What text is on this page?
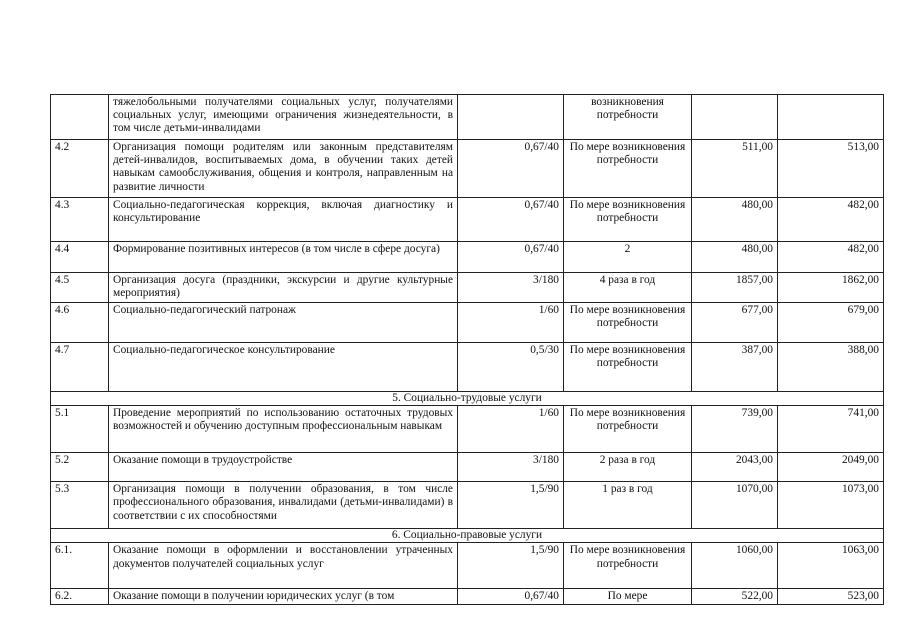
	тяжелобольными получателями социальных услуг, получателями социальных услуг, имеющими ограничения жизнедеятельности, в том числе детьми-инвалидами		возникновения потребности		
4.2	Организация помощи родителям или законным представителям детей-инвалидов, воспитываемых дома, в обучении таких детей навыкам самообслуживания, общения и контроля, направленным на развитие личности	0,67/40	По мере возникновения потребности	511,00	513,00
4.3	Социально-педагогическая коррекция, включая диагностику и консультирование	0,67/40	По мере возникновения потребности	480,00	482,00
4.4	Формирование позитивных интересов (в том числе в сфере досуга)	0,67/40	2	480,00	482,00
4.5	Организация досуга (праздники, экскурсии и другие культурные мероприятия)	3/180	4 раза в год	1857,00	1862,00
4.6	Социально-педагогический патронаж	1/60	По мере возникновения потребности	677,00	679,00
4.7	Социально-педагогическое консультирование	0,5/30	По мере возникновения потребности	387,00	388,00
5. Социально-трудовые услуги					
5.1	Проведение мероприятий по использованию остаточных трудовых возможностей и обучению доступным профессиональным навыкам	1/60	По мере возникновения потребности	739,00	741,00
5.2	Оказание помощи в трудоустройстве	3/180	2 раза в год	2043,00	2049,00
5.3	Организация помощи в получении образования, в том числе профессионального образования, инвалидами (детьми-инвалидами) в соответствии с их способностями	1,5/90	1 раз в год	1070,00	1073,00
6. Социально-правовые услуги					
6.1.	Оказание помощи в оформлении и восстановлении утраченных документов получателей социальных услуг	1,5/90	По мере возникновения потребности	1060,00	1063,00
6.2.	Оказание помощи в получении юридических услуг (в том	0,67/40	По мере	522,00	523,00
